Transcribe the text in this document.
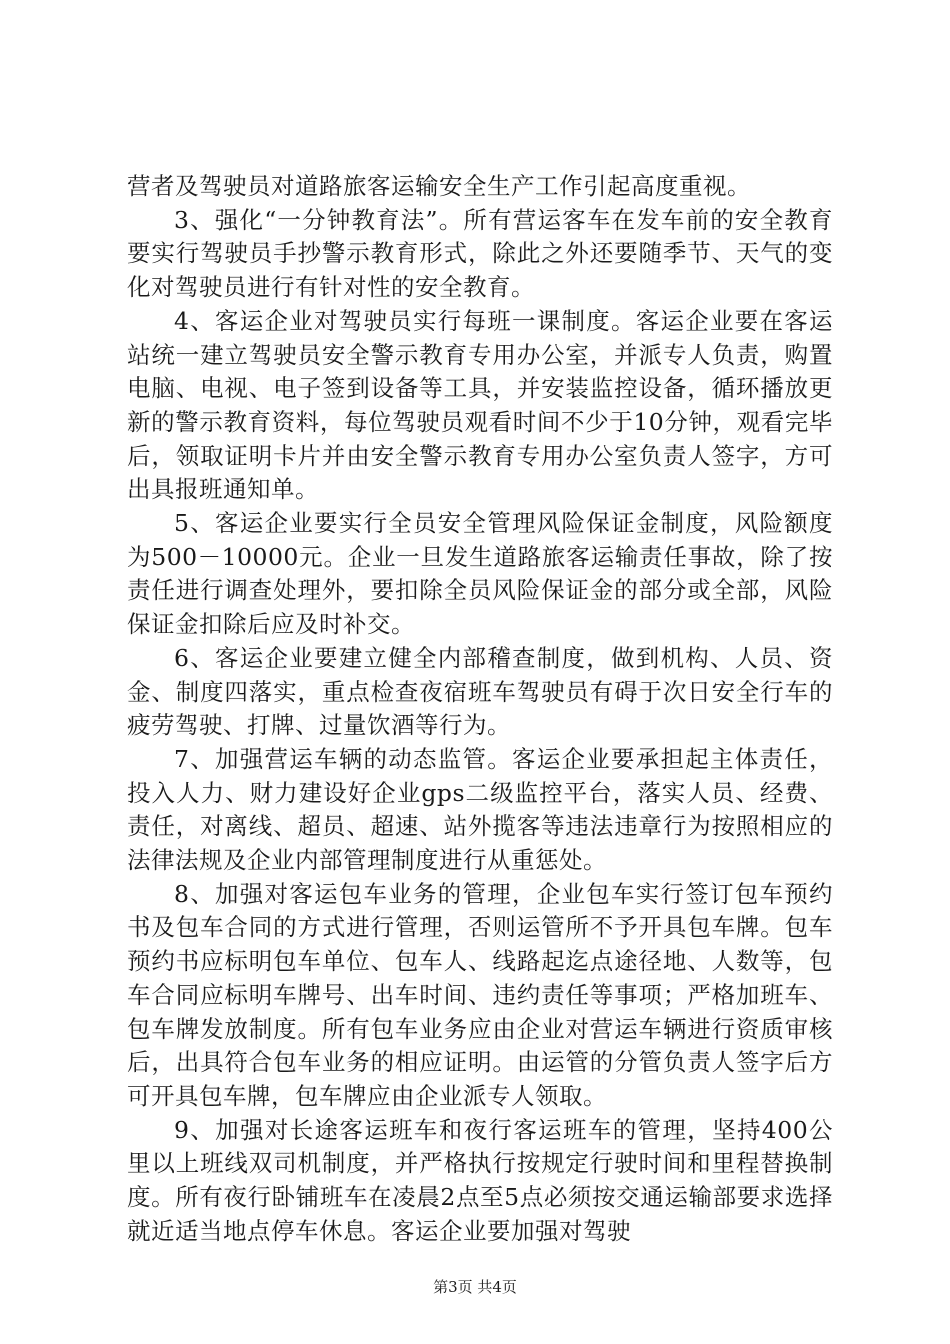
营者及驾驶员对道路旅客运输安全生产工作引起高度重视。

3、强化“一分钟教育法”。所有营运客车在发车前的安全教育要实行驾驶员手抄警示教育形式，除此之外还要随季节、天气的变化对驾驶员进行有针对性的安全教育。

4、客运企业对驾驶员实行每班一课制度。客运企业要在客运站统一建立驾驶员安全警示教育专用办公室，并派专人负责，购置电脑、电视、电子签到设备等工具，并安装监控设备，循环播放更新的警示教育资料，每位驾驶员观看时间不少于10分钟，观看完毕后，领取证明卡片并由安全警示教育专用办公室负责人签字，方可出具报班通知单。

5、客运企业要实行全员安全管理风险保证金制度，风险额度为500－10000元。企业一旦发生道路旅客运输责任事故，除了按责任进行调查处理外，要扣除全员风险保证金的部分或全部，风险保证金扣除后应及时补交。

6、客运企业要建立健全内部稽查制度，做到机构、人员、资金、制度四落实，重点检查夜宿班车驾驶员有碍于次日安全行车的疲劳驾驶、打牌、过量饮酒等行为。

7、加强营运车辆的动态监管。客运企业要承担起主体责任，投入人力、财力建设好企业gps二级监控平台，落实人员、经费、责任，对离线、超员、超速、站外揽客等违法违章行为按照相应的法律法规及企业内部管理制度进行从重惩处。

8、加强对客运包车业务的管理，企业包车实行签订包车预约书及包车合同的方式进行管理，否则运管所不予开具包车牌。包车预约书应标明包车单位、包车人、线路起迄点途径地、人数等，包车合同应标明车牌号、出车时间、违约责任等事项；严格加班车、包车牌发放制度。所有包车业务应由企业对营运车辆进行资质审核后，出具符合包车业务的相应证明。由运管的分管负责人签字后方可开具包车牌，包车牌应由企业派专人领取。

9、加强对长途客运班车和夜行客运班车的管理，坚持400公里以上班线双司机制度，并严格执行按规定行驶时间和里程替换制度。所有夜行卧铺班车在凌晨2点至5点必须按交通运输部要求选择就近适当地点停车休息。客运企业要加强对驾驶

第3页 共4页
